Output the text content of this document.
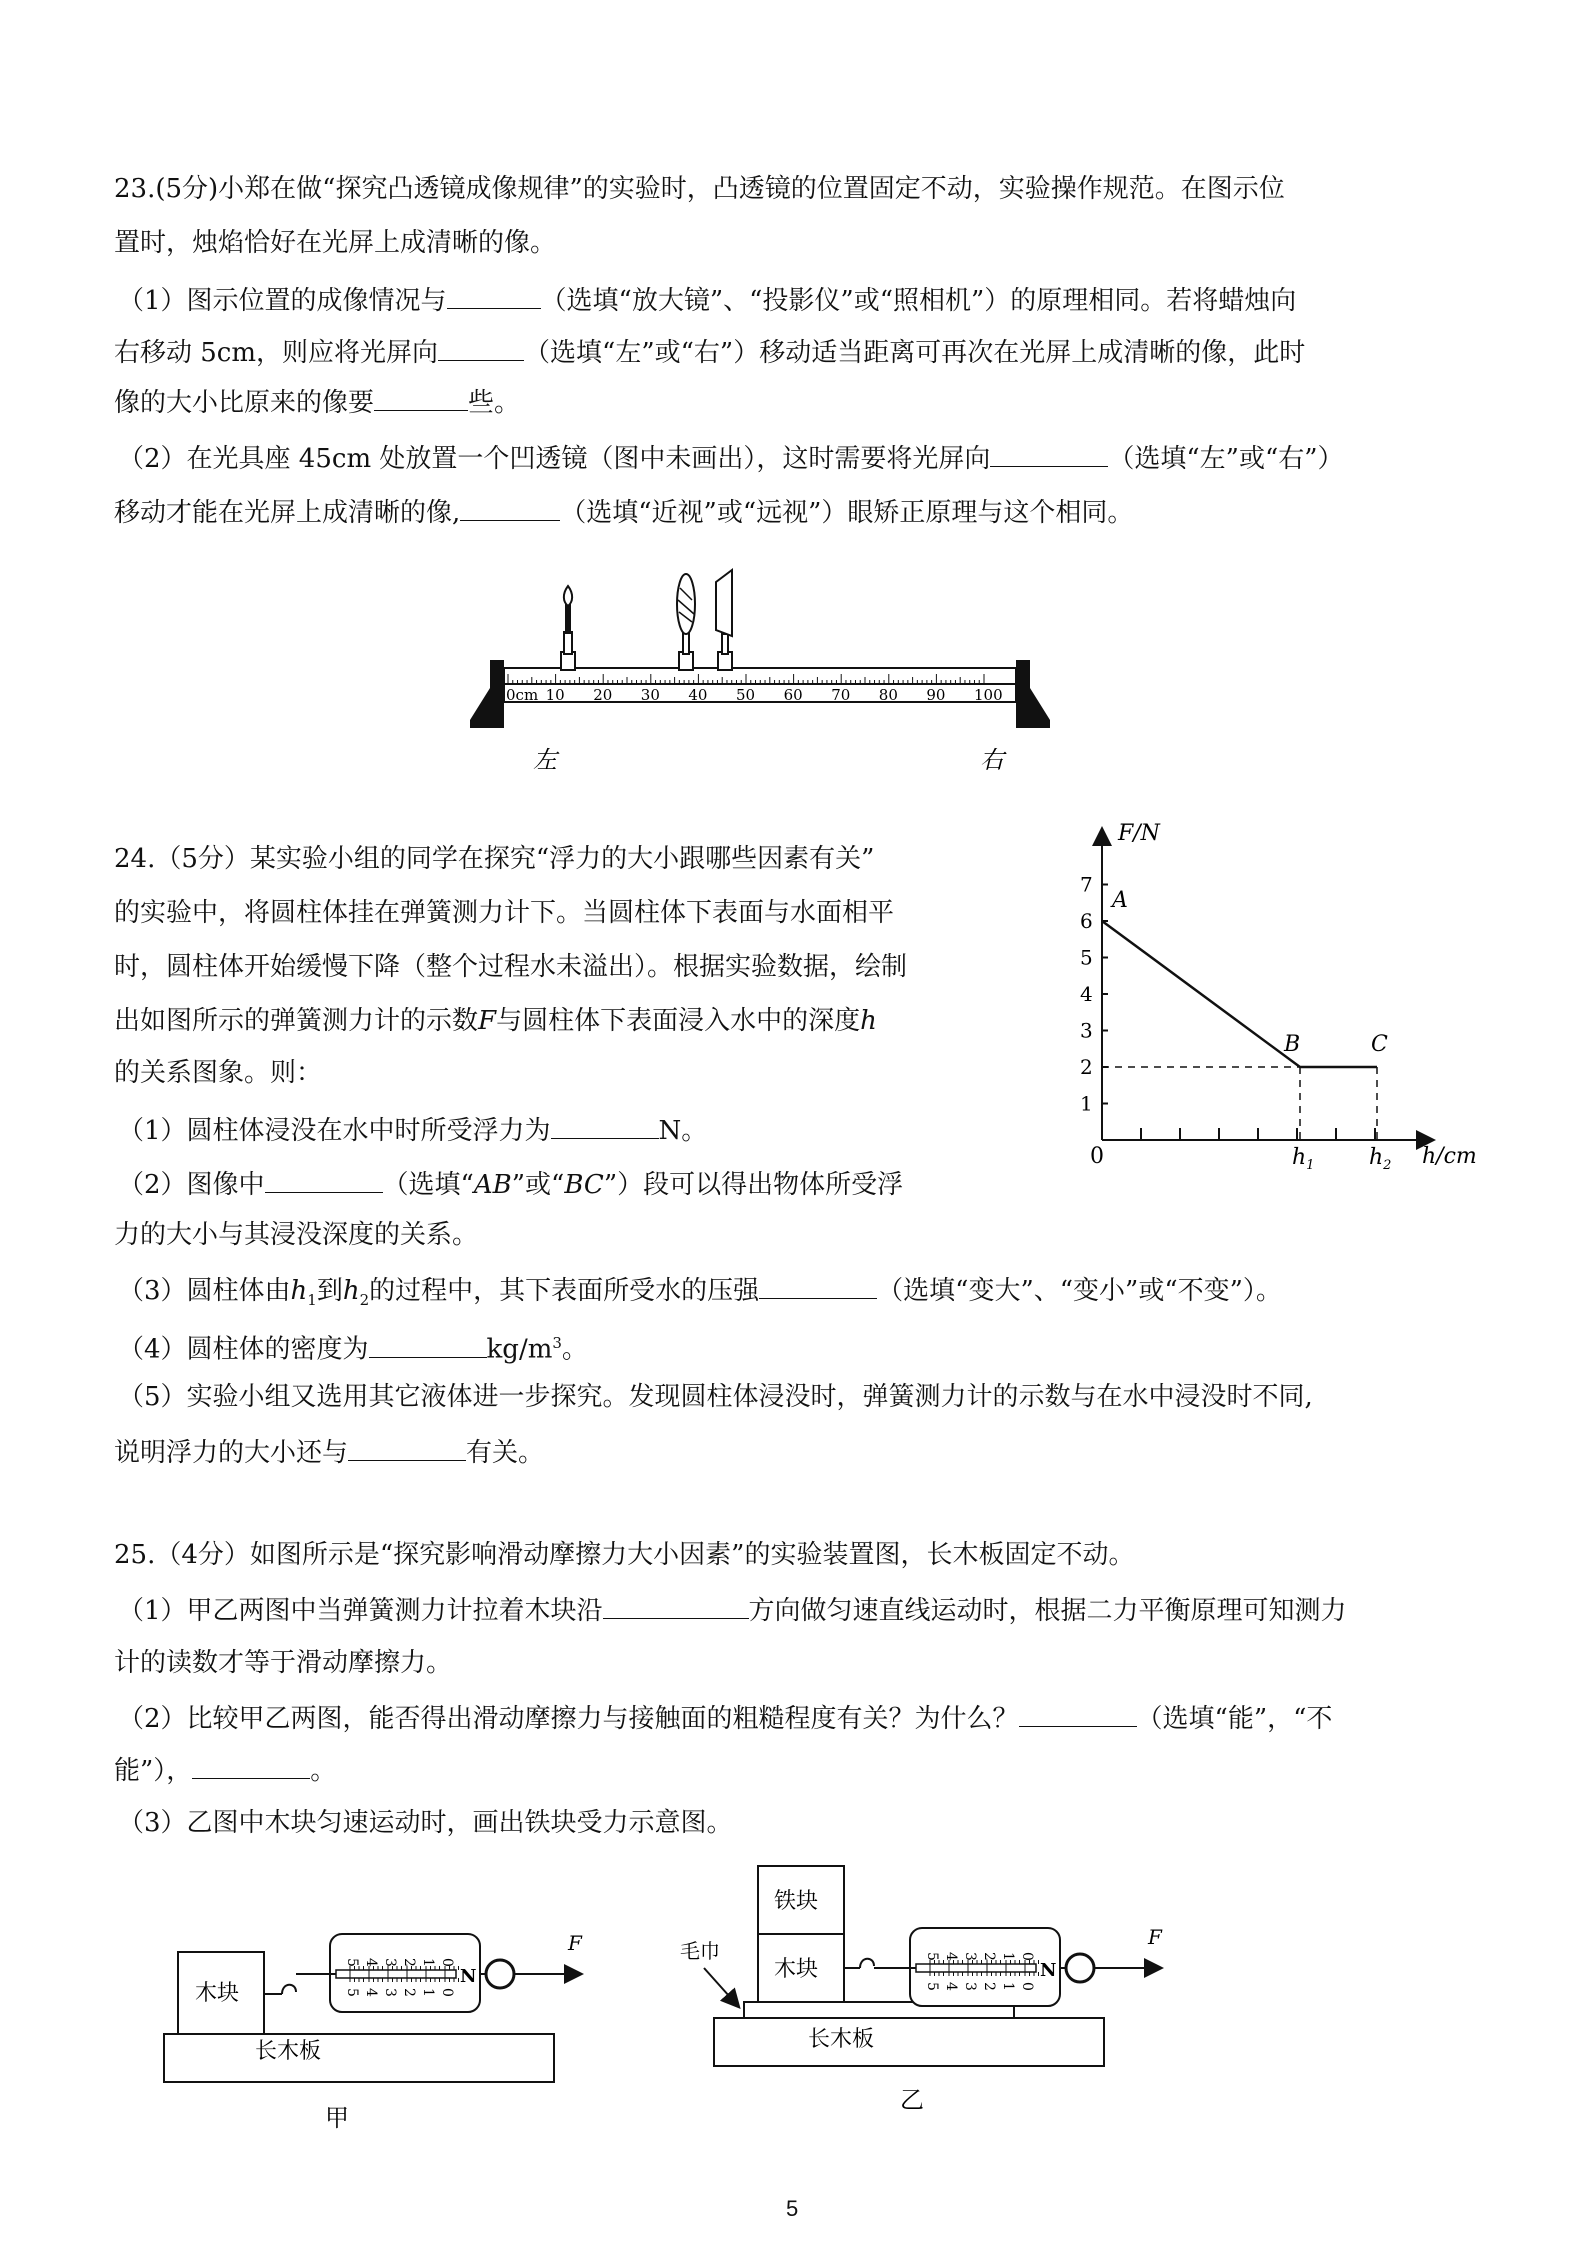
23.(5分)小郑在做“探究凸透镜成像规律”的实验时，凸透镜的位置固定不动，实验操作规范。在图示位
置时，烛焰恰好在光屏上成清晰的像。
（1）图示位置的成像情况与	（选填“放大镜”、“投影仪”或“照相机”）的原理相同。若将蜡烛向
右移动 5cm，则应将光屏向	（选填“左”或“右”）移动适当距离可再次在光屏上成清晰的像，此时
像的大小比原来的像要	些。
（2）在光具座 45cm 处放置一个凹透镜（图中未画出），这时需要将光屏向	（选填“左”或“右”）
移动才能在光屏上成清晰的像,	（选填“近视”或“远视”）眼矫正原理与这个相同。
0cm 10 20 30 40 50 60 70 80 90 100
左	右
24.（5分）某实验小组的同学在探究“浮力的大小跟哪些因素有关”
的实验中，将圆柱体挂在弹簧测力计下。当圆柱体下表面与水面相平
时，圆柱体开始缓慢下降（整个过程水未溢出）。根据实验数据，绘制
出如图所示的弹簧测力计的示数F与圆柱体下表面浸入水中的深度h
的关系图象。则：
（1）圆柱体浸没在水中时所受浮力为	N。
（2）图像中	（选填“AB”或“BC”）段可以得出物体所受浮
力的大小与其浸没深度的关系。
（3）圆柱体由$h_1$到$h_2$的过程中，其下表面所受水的压强	（选填“变大”、“变小”或“不变”）。
（4）圆柱体的密度为	$kg/m^3$。
（5）实验小组又选用其它液体进一步探究。发现圆柱体浸没时，弹簧测力计的示数与在水中浸没时不同,
说明浮力的大小还与	有关。
1
2
3
4
5
6
7
A
B	C
$h_1$ $h_2$
0
F/N
h/cm
25.（4分）如图所示是“探究影响滑动摩擦力大小因素”的实验装置图，长木板固定不动。
（1）甲乙两图中当弹簧测力计拉着木块沿	方向做匀速直线运动时，根据二力平衡原理可知测力
计的读数才等于滑动摩擦力。
（2）比较甲乙两图，能否得出滑动摩擦力与接触面的粗糙程度有关？为什么？	（选填“能”，“不
能”），	。
（3）乙图中木块匀速运动时，画出铁块受力示意图。
长木板
木块
5
5
4
4
3
3
2
2
1
1
0
0
N
F
甲
长木板
铁块
木块
毛巾	5
5
4
4
3
3
2
2
1
1
0
0
N
F
乙
5
